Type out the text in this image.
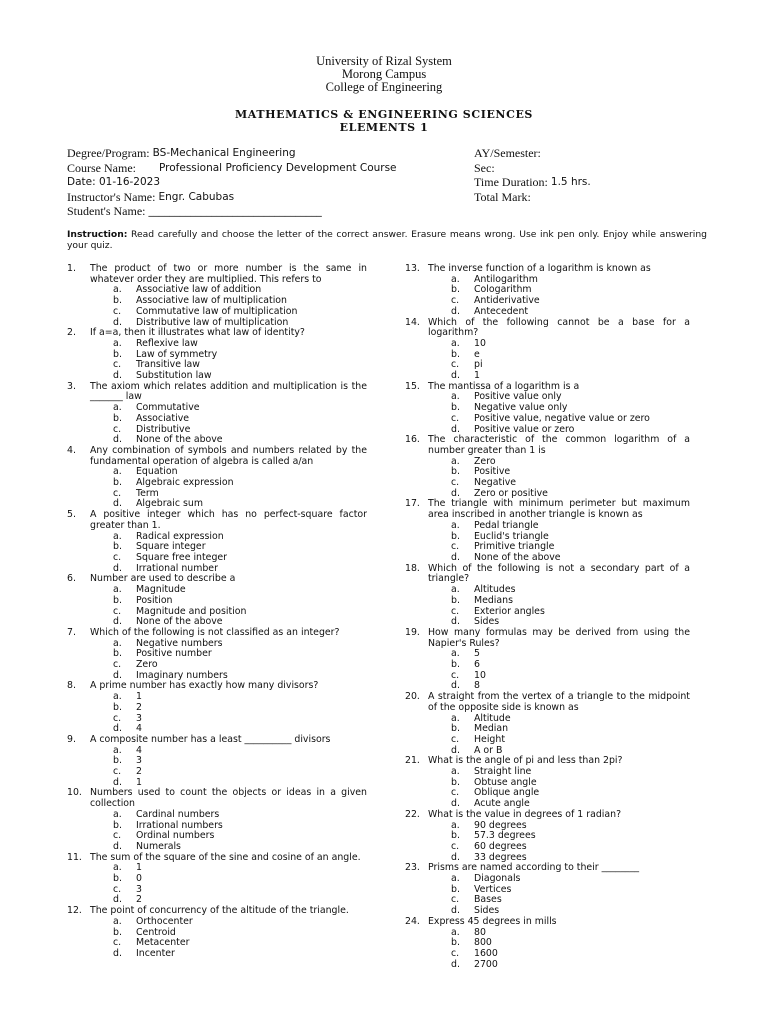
University of Rizal System
Morong Campus
College of Engineering
MATHEMATICS & ENGINEERING SCIENCES
ELEMENTS 1
Degree/Program: BS-Mechanical Engineering
Course Name:	Professional Proficiency Development Course
Date: 01-16-2023
Instructor's Name: Engr. Cabubas
Student's Name: _________________________________
AY/Semester:
Sec:
Time Duration: 1.5 hrs.
Total Mark:
Instruction: Read carefully and choose the letter of the correct answer. Erasure means wrong. Use ink pen only. Enjoy while answering your quiz.
1.	The product of two or more number is the same in whatever order they are multiplied. This refers to
a.	Associative law of addition
b.	Associative law of multiplication
c.	Commutative law of multiplication
d.	Distributive law of multiplication
2.	If a=a, then it illustrates what law of identity?
a.	Reflexive law
b.	Law of symmetry
c.	Transitive law
d.	Substitution law
3.	The axiom which relates addition and multiplication is the _______ law
a.	Commutative
b.	Associative
c.	Distributive
d.	None of the above
4.	Any combination of symbols and numbers related by the fundamental operation of algebra is called a/an
a.	Equation
b.	Algebraic expression
c.	Term
d.	Algebraic sum
5.	A positive integer which has no perfect-square factor greater than 1.
a.	Radical expression
b.	Square integer
c.	Square free integer
d.	Irrational number
6.	Number are used to describe a
a.	Magnitude
b.	Position
c.	Magnitude and position
d.	None of the above
7.	Which of the following is not classified as an integer?
a.	Negative numbers
b.	Positive number
c.	Zero
d.	Imaginary numbers
8.	A prime number has exactly how many divisors?
a.	1
b.	2
c.	3
d.	4
9.	A composite number has a least __________ divisors
a.	4
b.	3
c.	2
d.	1
10. Numbers used to count the objects or ideas in a given collection
a.	Cardinal numbers
b.	Irrational numbers
c.	Ordinal numbers
d.	Numerals
11. The sum of the square of the sine and cosine of an angle.
a.	1
b.	0
c.	3
d.	2
12. The point of concurrency of the altitude of the triangle.
a.	Orthocenter
b.	Centroid
c.	Metacenter
d.	Incenter
13. The inverse function of a logarithm is known as
a.	Antilogarithm
b.	Cologarithm
c.	Antiderivative
d.	Antecedent
14. Which of the following cannot be a base for a logarithm?
a.	10
b.	e
c.	pi
d.	1
15. The mantissa of a logarithm is a
a.	Positive value only
b.	Negative value only
c.	Positive value, negative value or zero
d.	Positive value or zero
16. The characteristic of the common logarithm of a number greater than 1 is
a.	Zero
b.	Positive
c.	Negative
d.	Zero or positive
17. The triangle with minimum perimeter but maximum area inscribed in another triangle is known as
a.	Pedal triangle
b.	Euclid's triangle
c.	Primitive triangle
d.	None of the above
18. Which of the following is not a secondary part of a triangle?
a.	Altitudes
b.	Medians
c.	Exterior angles
d.	Sides
19. How many formulas may be derived from using the Napier's Rules?
a.	5
b.	6
c.	10
d.	8
20. A straight from the vertex of a triangle to the midpoint of the opposite side is known as
a.	Altitude
b.	Median
c.	Height
d.	A or B
21. What is the angle of pi and less than 2pi?
a.	Straight line
b.	Obtuse angle
c.	Oblique angle
d.	Acute angle
22. What is the value in degrees of 1 radian?
a.	90 degrees
b.	57.3 degrees
c.	60 degrees
d.	33 degrees
23. Prisms are named according to their ________
a.	Diagonals
b.	Vertices
c.	Bases
d.	Sides
24. Express 45 degrees in mills
a.	80
b.	800
c.	1600
d.	2700
